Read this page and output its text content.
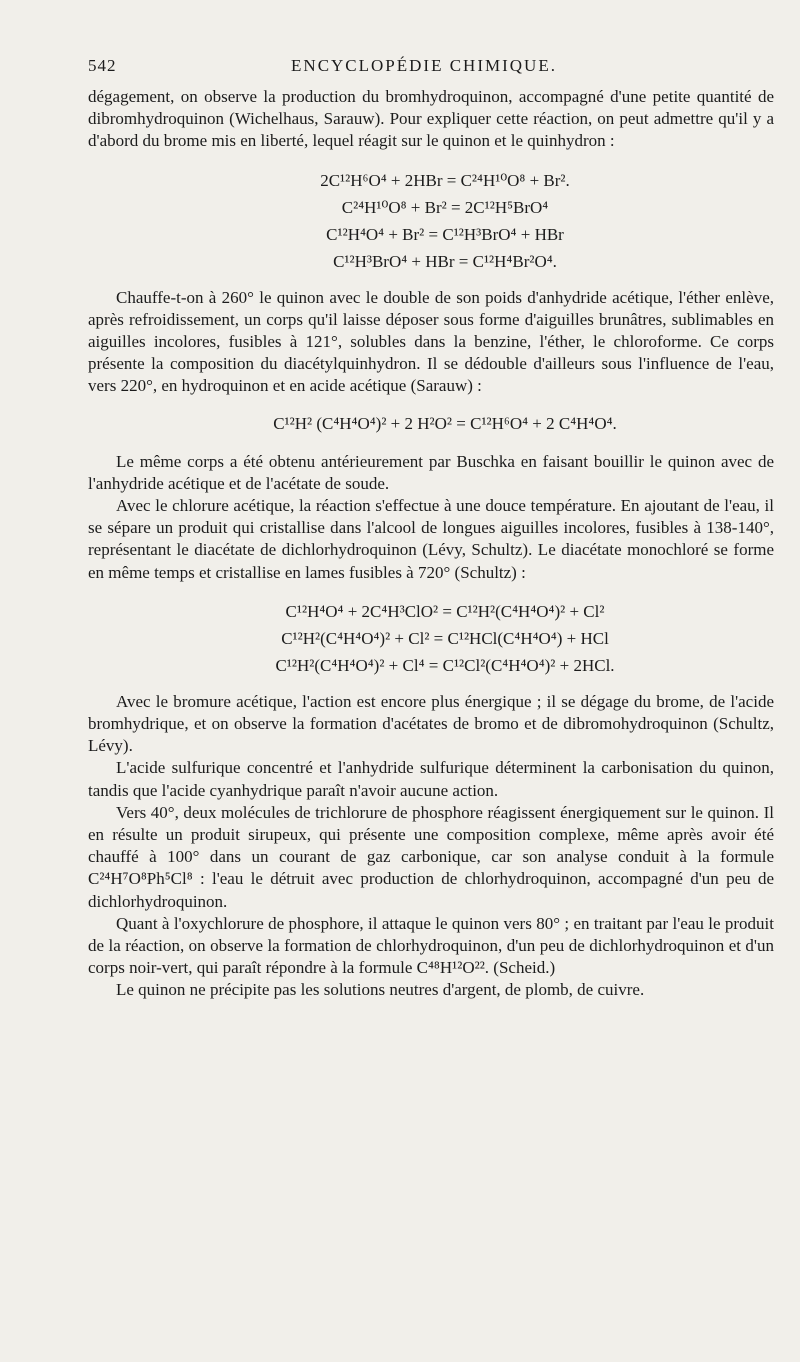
542	ENCYCLOPÉDIE CHIMIQUE.

dégagement, on observe la production du bromhydroquinon, accompagné d'une petite quantité de dibromhydroquinon (Wichelhaus, Sarauw). Pour expliquer cette réaction, on peut admettre qu'il y a d'abord du brome mis en liberté, lequel réagit sur le quinon et le quinhydron :

2C¹²H⁶O⁴ + 2HBr = C²⁴H¹⁰O⁸ + Br².

C²⁴H¹⁰O⁸ + Br² = 2C¹²H⁵BrO⁴

C¹²H⁴O⁴ + Br² = C¹²H³BrO⁴ + HBr

C¹²H³BrO⁴ + HBr = C¹²H⁴Br²O⁴.

Chauffe-t-on à 260° le quinon avec le double de son poids d'anhydride acétique, l'éther enlève, après refroidissement, un corps qu'il laisse déposer sous forme d'aiguilles brunâtres, sublimables en aiguilles incolores, fusibles à 121°, solubles dans la benzine, l'éther, le chloroforme. Ce corps présente la composition du diacétylquinhydron. Il se dédouble d'ailleurs sous l'influence de l'eau, vers 220°, en hydroquinon et en acide acétique (Sarauw) :

C¹²H² (C⁴H⁴O⁴)² + 2 H²O² = C¹²H⁶O⁴ + 2 C⁴H⁴O⁴.

Le même corps a été obtenu antérieurement par Buschka en faisant bouillir le quinon avec de l'anhydride acétique et de l'acétate de soude.

Avec le chlorure acétique, la réaction s'effectue à une douce température. En ajoutant de l'eau, il se sépare un produit qui cristallise dans l'alcool de longues aiguilles incolores, fusibles à 138-140°, représentant le diacétate de dichlorhydroquinon (Lévy, Schultz). Le diacétate monochloré se forme en même temps et cristallise en lames fusibles à 720° (Schultz) :

C¹²H⁴O⁴ + 2C⁴H³ClO² = C¹²H²(C⁴H⁴O⁴)² + Cl²

C¹²H²(C⁴H⁴O⁴)² + Cl² = C¹²HCl(C⁴H⁴O⁴) + HCl

C¹²H²(C⁴H⁴O⁴)² + Cl⁴ = C¹²Cl²(C⁴H⁴O⁴)² + 2HCl.

Avec le bromure acétique, l'action est encore plus énergique ; il se dégage du brome, de l'acide bromhydrique, et on observe la formation d'acétates de bromo et de dibromohydroquinon (Schultz, Lévy).

L'acide sulfurique concentré et l'anhydride sulfurique déterminent la carbonisation du quinon, tandis que l'acide cyanhydrique paraît n'avoir aucune action.

Vers 40°, deux molécules de trichlorure de phosphore réagissent énergiquement sur le quinon. Il en résulte un produit sirupeux, qui présente une composition complexe, même après avoir été chauffé à 100° dans un courant de gaz carbonique, car son analyse conduit à la formule C²⁴H⁷O⁸Ph⁵Cl⁸ : l'eau le détruit avec production de chlorhydroquinon, accompagné d'un peu de dichlorhydroquinon.

Quant à l'oxychlorure de phosphore, il attaque le quinon vers 80° ; en traitant par l'eau le produit de la réaction, on observe la formation de chlorhydroquinon, d'un peu de dichlorhydroquinon et d'un corps noir-vert, qui paraît répondre à la formule C⁴⁸H¹²O²². (Scheid.)

Le quinon ne précipite pas les solutions neutres d'argent, de plomb, de cuivre.
